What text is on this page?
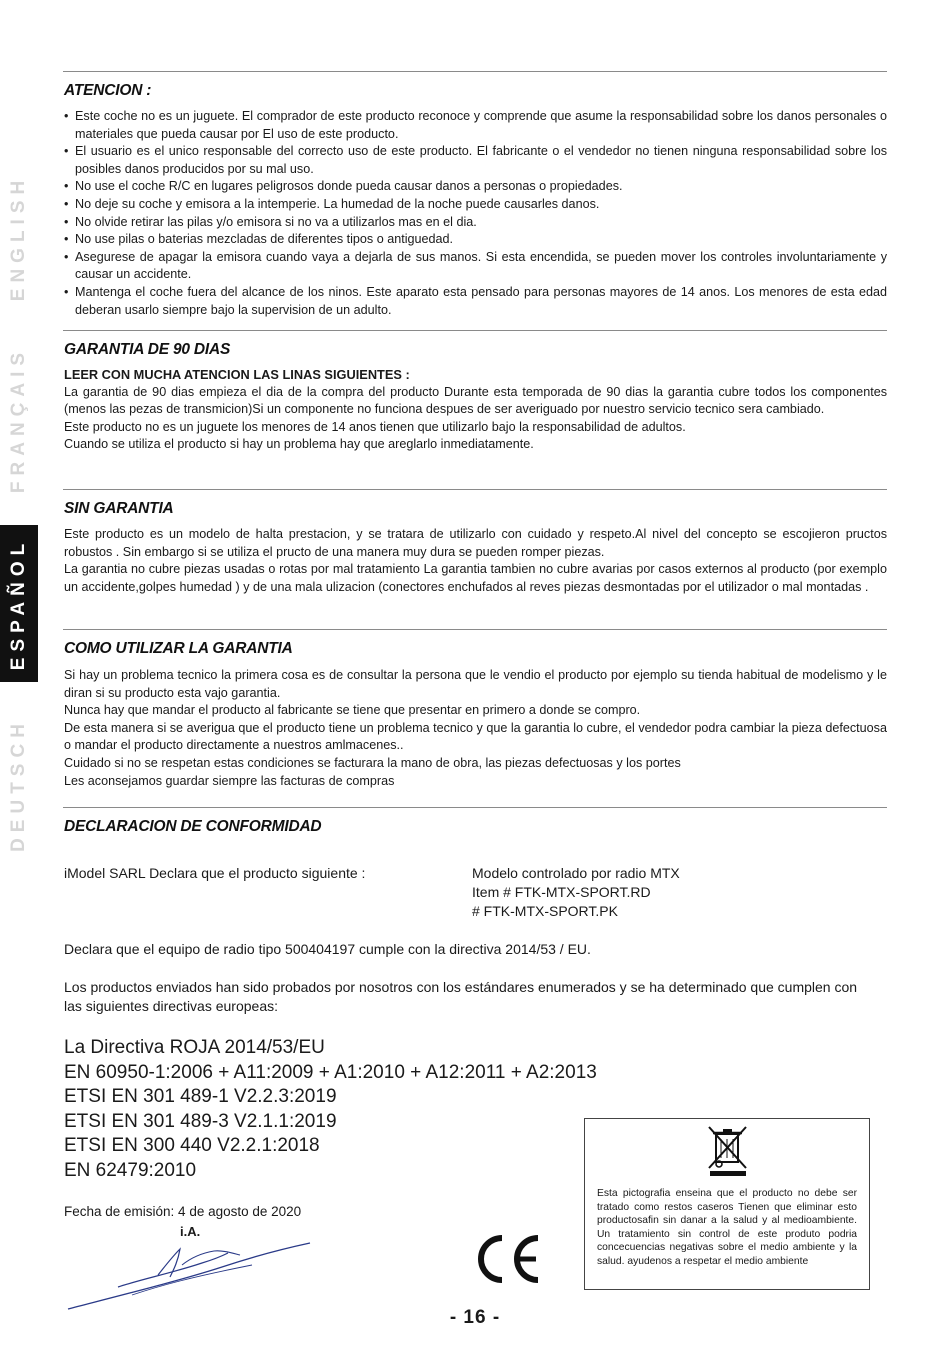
ENGLISH
FRANÇAIS
ESPAÑOL
DEUTSCH
ATENCION :
• Este coche no es un juguete. El comprador de este producto reconoce y comprende que asume la responsabilidad sobre los danos personales o materiales que pueda causar por El uso de este producto.
• El usuario es el unico responsable del correcto uso de este producto. El fabricante o el vendedor no tienen ninguna responsabilidad sobre los posibles danos producidos por su mal uso.
• No use el coche R/C en lugares peligrosos donde pueda causar danos a personas o propiedades.
• No deje su coche y emisora a la intemperie. La humedad de la noche puede causarles danos.
• No olvide retirar las pilas y/o emisora si no va a utilizarlos mas en el dia.
• No use pilas o baterias mezcladas de diferentes tipos o antiguedad.
• Asegurese de apagar la emisora cuando vaya a dejarla de sus manos. Si esta encendida, se pueden mover los controles involuntariamente y causar un accidente.
• Mantenga el coche fuera del alcance de los ninos. Este aparato esta pensado para personas mayores de 14 anos. Los menores de esta edad deberan usarlo siempre bajo la supervision de un adulto.
GARANTIA DE 90 DIAS

LEER CON MUCHA ATENCION LAS LINAS SIGUIENTES :

La garantia de 90 dias empieza el dia de la compra del producto Durante esta temporada de 90 dias la garantia cubre todos los componentes (menos las pezas de transmicion)Si un componente no funciona despues de ser averiguado por nuestro servicio tecnico sera cambiado.

Este producto no es un juguete los menores de 14 anos tienen que utilizarlo bajo la responsabilidad de adultos.

Cuando se utiliza el producto si hay un problema hay que areglarlo inmediatamente.

SIN GARANTIA

Este producto es un modelo de halta prestacion, y se tratara de utilizarlo con cuidado y respeto.Al nivel del concepto se escojieron pructos robustos . Sin embargo si se utiliza el pructo de una manera muy dura se pueden romper piezas.

La garantia no cubre piezas usadas o rotas por mal tratamiento La garantia tambien no cubre avarias por casos externos al producto (por exemplo un accidente,golpes humedad ) y de una mala ulizacion (conectores enchufados al reves piezas desmontadas por el utilizador o mal montadas .

COMO UTILIZAR LA GARANTIA

Si hay un problema tecnico la primera cosa es de consultar la persona que le vendio el producto por ejemplo su tienda habitual de modelismo y le diran si su producto esta vajo garantia.

Nunca hay que mandar el producto al fabricante se tiene que presentar en primero a donde se compro.

De esta manera si se averigua que el producto tiene un problema tecnico y que la garantia lo cubre, el vendedor podra cambiar la pieza defectuosa o mandar el producto directamente a nuestros amlmacenes..

Cuidado si no se respetan estas condiciones se facturara la mano de obra, las piezas defectuosas y los portes

Les aconsejamos guardar siempre las facturas de compras

DECLARACION DE CONFORMIDAD
iModel SARL Declara que el producto siguiente :	Modelo controlado por radio MTX
Item # FTK-MTX-SPORT.RD
# FTK-MTX-SPORT.PK
Declara que el equipo de radio tipo 500404197 cumple con la directiva 2014/53 / EU.
Los productos enviados han sido probados por nosotros con los estándares enumerados y se ha determinado que cumplen con las siguientes directivas europeas:
La Directiva ROJA 2014/53/EU
EN 60950-1:2006 + A11:2009 + A1:2010 + A12:2011 + A2:2013
ETSI EN 301 489-1 V2.2.3:2019
ETSI EN 301 489-3 V2.1.1:2019
ETSI EN 300 440 V2.2.1:2018
EN 62479:2010
Fecha de emisión: 4 de agosto de 2020
i.A.
Esta pictografia enseina que el producto no debe ser tratado como restos caseros Tienen que eliminar esto productosafin sin danar a la salud y al medioambiente. Un tratamiento sin control de este produto podria concecuencias negativas sobre el medio ambiente y la salud. ayudenos a respetar el medio ambiente
- 16 -
